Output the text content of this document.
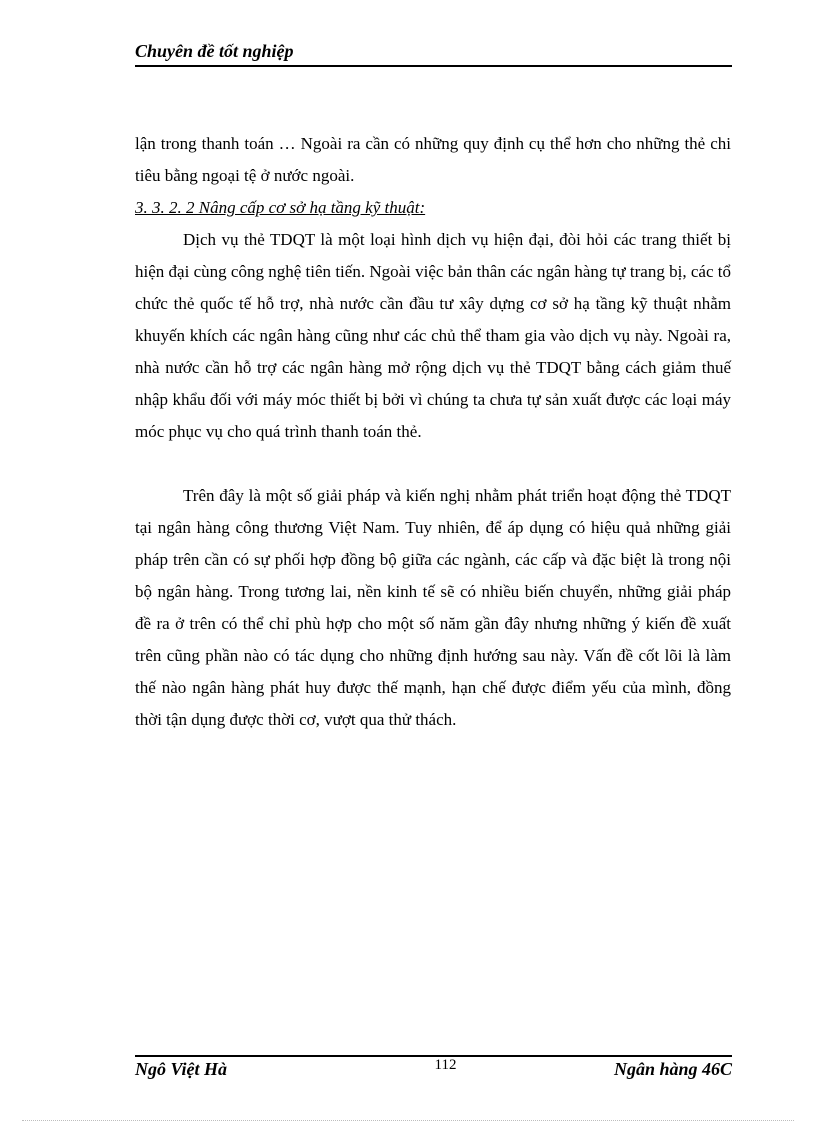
Chuyên đề tốt nghiệp

lận trong thanh toán … Ngoài ra cần có những quy định cụ thể hơn cho những thẻ chi tiêu bằng ngoại tệ ở nước ngoài.

3. 3. 2. 2 Nâng cấp cơ sở hạ tầng kỹ thuật:

Dịch vụ thẻ TDQT là một loại hình dịch vụ hiện đại, đòi hỏi các trang thiết bị hiện đại cùng công nghệ tiên tiến. Ngoài việc bản thân các ngân hàng tự trang bị, các tổ chức thẻ quốc tế hỗ trợ, nhà nước cần đầu tư xây dựng cơ sở hạ tầng kỹ thuật nhằm khuyến khích các ngân hàng cũng như các chủ thể tham gia vào dịch vụ này. Ngoài ra, nhà nước cần hỗ trợ các ngân hàng mở rộng dịch vụ thẻ TDQT bằng cách giảm thuế nhập khẩu đối với máy móc thiết bị bởi vì chúng ta chưa tự sản xuất được các loại máy móc phục vụ cho quá trình thanh toán thẻ.

Trên đây là một số giải pháp và kiến nghị nhằm phát triển hoạt động thẻ TDQT tại ngân hàng công thương Việt Nam. Tuy nhiên, để áp dụng có hiệu quả những giải pháp trên cần có sự phối hợp đồng bộ giữa các ngành, các cấp và đặc biệt là trong nội bộ ngân hàng. Trong tương lai, nền kinh tế sẽ có nhiều biến chuyển, những giải pháp đề ra ở trên có thể chỉ phù hợp cho một số năm gần đây nhưng những ý kiến đề xuất trên cũng phần nào có tác dụng cho những định hướng sau này. Vấn đề cốt lõi là làm thế nào ngân hàng phát huy được thế mạnh, hạn chế được điểm yếu của mình, đồng thời tận dụng được thời cơ, vượt qua thử thách.

Ngô Việt Hà	112	Ngân hàng 46C
